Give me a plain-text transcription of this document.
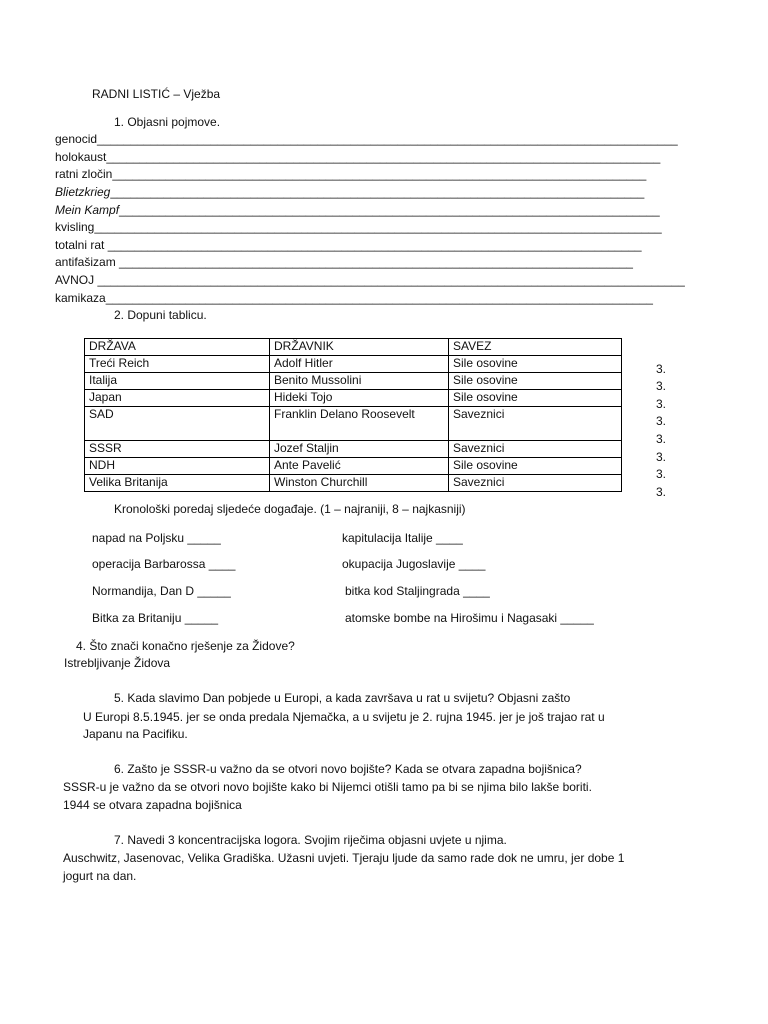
RADNI LISTIĆ – Vježba
1. Objasni pojmove.
genocid_______________________________________________________________________________________
holokaust___________________________________________________________________________________
ratni zločin________________________________________________________________________________
Blietzkrieg________________________________________________________________________________
Mein Kampf_________________________________________________________________________________
kvisling_____________________________________________________________________________________
totalni rat ________________________________________________________________________________
antifašizam _____________________________________________________________________________
AVNOJ ________________________________________________________________________________________
kamikaza__________________________________________________________________________________
2. Dopuni tablicu.
DRŽAVA	DRŽAVNIK	SAVEZ
Treći Reich	Adolf Hitler	Sile osovine
Italija	Benito Mussolini	Sile osovine
Japan	Hideki Tojo	Sile osovine
SAD	Franklin Delano Roosevelt	Saveznici
SSSR	Jozef Staljin	Saveznici
NDH	Ante Pavelić	Sile osovine
Velika Britanija	Winston Churchill	Saveznici
3.
3.
3.
3.
3.
3.
3.
3.
Kronološki poredaj sljedeće događaje. (1 – najraniji, 8 – najkasniji)
napad na Poljsku _____
operacija Barbarossa ____
Normandija, Dan D _____
Bitka za Britaniju _____
kapitulacija Italije ____
okupacija Jugoslavije ____
bitka kod Staljingrada ____
atomske bombe na Hirošimu i Nagasaki _____
4. Što znači konačno rješenje za Židove?
Istrebljivanje Židova
5. Kada slavimo Dan pobjede u Europi, a kada završava u rat u svijetu? Objasni zašto
U Europi 8.5.1945. jer se onda predala Njemačka, a u svijetu je 2. rujna 1945. jer je još trajao rat u
Japanu na Pacifiku.
6. Zašto je SSSR-u važno da se otvori novo bojište? Kada se otvara zapadna bojišnica?
SSSR-u je važno da se otvori novo bojište kako bi Nijemci otišli tamo pa bi se njima bilo lakše boriti.
1944 se otvara zapadna bojišnica
7. Navedi 3 koncentracijska logora. Svojim riječima objasni uvjete u njima.
Auschwitz, Jasenovac, Velika Gradiška. Užasni uvjeti. Tjeraju ljude da samo rade dok ne umru, jer dobe 1
jogurt na dan.
